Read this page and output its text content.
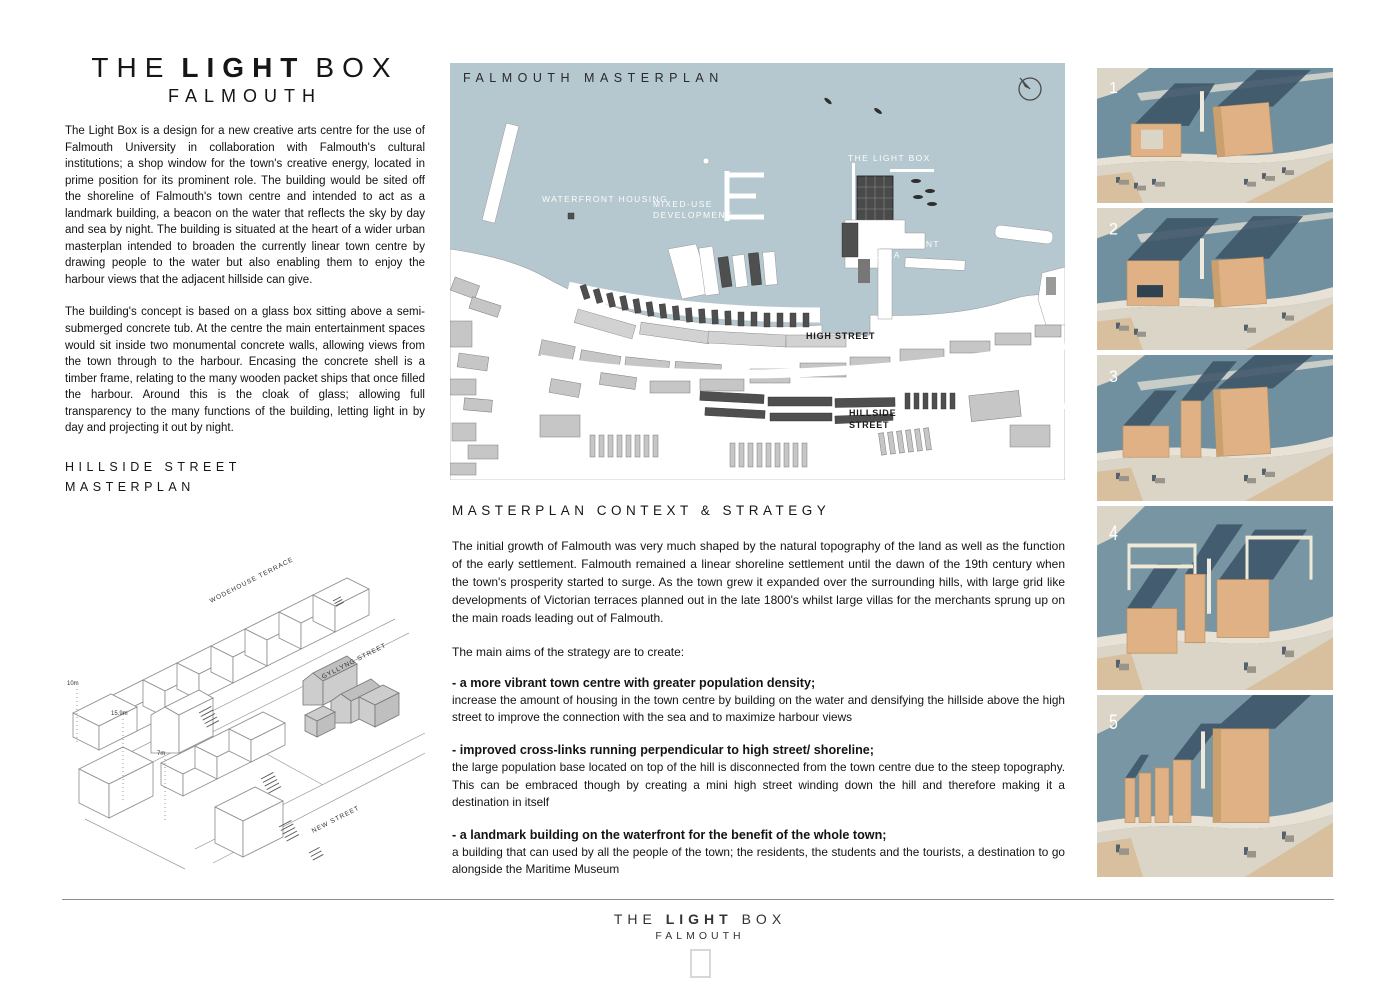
THE LIGHT BOX
FALMOUTH

The Light Box is a design for a new creative arts centre for the use of Falmouth University in collaboration with Falmouth's cultural institutions; a shop window for the town's creative energy, located in prime position for its prominent role. The building would be sited off the shoreline of Falmouth's town centre and intended to act as a landmark building, a beacon on the water that reflects the sky by day and sea by night. The building is situated at the heart of a wider urban masterplan intended to broaden the currently linear town centre by drawing people to the water but also enabling them to enjoy the harbour views that the adjacent hillside can give.

The building's concept is based on a glass box sitting above a semi-submerged concrete tub. At the centre the main entertainment spaces would sit inside two monumental concrete walls, allowing views from the town through to the harbour. Encasing the concrete shell is a timber frame, relating to the many wooden packet ships that once filled the harbour. Around this is the cloak of glass; allowing full transparency to the many functions of the building, letting light in by day and projecting it out by night.

HILLSIDE STREET
MASTERPLAN
10m
15.9m
7m
WODEHOUSE TERRACE
GYLLYNG STREET
NEW STREET
FALMOUTH MASTERPLAN
WATERFRONT HOUSING
MIXED-USE
DEVELOPMENT
THE LIGHT BOX
WATERFRONT
PLAZA
HIGH STREET
HILLSIDE
STREET
MASTERPLAN CONTEXT & STRATEGY

The initial growth of Falmouth was very much shaped by the natural topography of the land as well as the function of the early settlement. Falmouth remained a linear shoreline settlement until the dawn of the 19th century when the town's prosperity started to surge. As the town grew it expanded over the surrounding hills, with large grid like developments of Victorian terraces planned out in the late 1800's whilst large villas for the merchants sprung up on the main roads leading out of Falmouth.

The main aims of the strategy are to create:

- a more vibrant town centre with greater population density;
increase the amount of housing in the town centre by building on the water and densifying the hillside above the high street to improve the connection with the sea and to maximize harbour views
- improved cross-links running perpendicular to high street/ shoreline;
the large population base located on top of the hill is disconnected from the town centre due to the steep topography. This can be embraced though by creating a mini high street winding down the hill and therefore making it a destination in itself
- a landmark building on the waterfront for the benefit of the whole town;
a building that can used by all the people of the town; the residents, the students and the tourists, a destination to go alongside the Maritime Museum
1
2
3
4
5
THE LIGHT BOX
FALMOUTH
